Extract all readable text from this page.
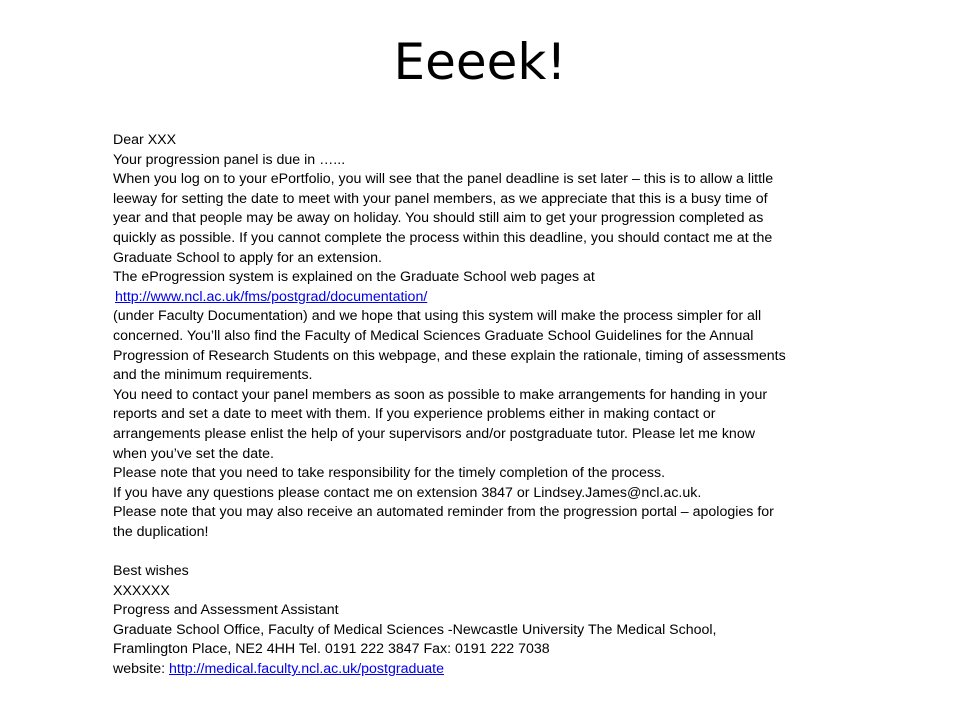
Eeeek!
Dear XXX
Your progression panel is due in …...
When you log on to your ePortfolio, you will see that the panel deadline is set later – this is to allow a little
leeway for setting the date to meet with your panel members, as we appreciate that this is a busy time of
year and that people may be away on holiday. You should still aim to get your progression completed as
quickly as possible. If you cannot complete the process within this deadline, you should contact me at the
Graduate School to apply for an extension.
The eProgression system is explained on the Graduate School web pages at
http://www.ncl.ac.uk/fms/postgrad/documentation/
(under Faculty Documentation) and we hope that using this system will make the process simpler for all
concerned. You’ll also find the Faculty of Medical Sciences Graduate School Guidelines for the Annual
Progression of Research Students on this webpage, and these explain the rationale, timing of assessments
and the minimum requirements.
You need to contact your panel members as soon as possible to make arrangements for handing in your
reports and set a date to meet with them. If you experience problems either in making contact or
arrangements please enlist the help of your supervisors and/or postgraduate tutor. Please let me know
when you’ve set the date.
Please note that you need to take responsibility for the timely completion of the process.
If you have any questions please contact me on extension 3847 or Lindsey.James@ncl.ac.uk.
Please note that you may also receive an automated reminder from the progression portal – apologies for
the duplication!
Best wishes
XXXXXX
Progress and Assessment Assistant
Graduate School Office, Faculty of Medical Sciences -Newcastle University The Medical School,
Framlington Place, NE2 4HH Tel. 0191 222 3847 Fax: 0191 222 7038
website: http://medical.faculty.ncl.ac.uk/postgraduate
